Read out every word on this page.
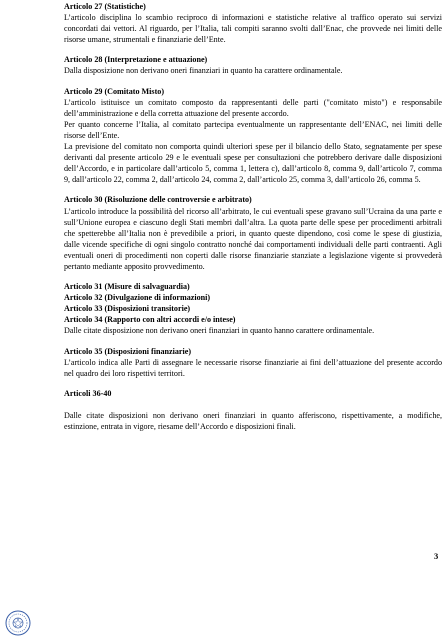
Articolo 27 (Statistiche)

L’articolo disciplina lo scambio reciproco di informazioni e statistiche relative al traffico operato sui servizi concordati dai vettori. Al riguardo, per l’Italia, tali compiti saranno svolti dall’Enac, che provvede nei limiti delle risorse umane, strumentali e finanziarie dell’Ente.

Articolo 28 (Interpretazione e attuazione)

Dalla disposizione non derivano oneri finanziari in quanto ha carattere ordinamentale.

Articolo 29 (Comitato Misto)

L’articolo istituisce un comitato composto da rappresentanti delle parti ("comitato misto") e responsabile dell’amministrazione e della corretta attuazione del presente accordo.

Per quanto concerne l’Italia, al comitato partecipa eventualmente un rappresentante dell’ENAC, nei limiti delle risorse dell’Ente.

La previsione del comitato non comporta quindi ulteriori spese per il bilancio dello Stato, segnatamente per spese derivanti dal presente articolo 29 e le eventuali spese per consultazioni che potrebbero derivare dalle disposizioni dell’Accordo, e in particolare dall’articolo 5, comma 1, lettera c), dall’articolo 8, comma 9, dall’articolo 7, comma 9, dall’articolo 22, comma 2, dall’articolo 24, comma 2, dall’articolo 25, comma 3, dall’articolo 26, comma 5.

Articolo 30 (Risoluzione delle controversie e arbitrato)

L’articolo introduce la possibilità del ricorso all’arbitrato, le cui eventuali spese gravano sull’Ucraina da una parte e sull’Unione europea e ciascuno degli Stati membri dall’altra. La quota parte delle spese per procedimenti arbitrali che spetterebbe all’Italia non è prevedibile a priori, in quanto queste dipendono, così come le spese di giustizia, dalle vicende specifiche di ogni singolo contratto nonché dai comportamenti individuali delle parti contraenti. Agli eventuali oneri di procedimenti non coperti dalle risorse finanziarie stanziate a legislazione vigente si provvederà pertanto mediante apposito provvedimento.

Articolo 31 (Misure di salvaguardia)

Articolo 32 (Divulgazione di informazioni)

Articolo 33 (Disposizioni transitorie)

Articolo 34 (Rapporto con altri accordi e/o intese)

Dalle citate disposizione non derivano oneri finanziari in quanto hanno carattere ordinamentale.

Articolo 35 (Disposizioni finanziarie)

L’articolo indica alle Parti di assegnare le necessarie risorse finanziarie ai fini dell’attuazione del presente accordo nel quadro dei loro rispettivi territori.

Articoli 36-40

Dalle citate disposizioni non derivano oneri finanziari in quanto afferiscono, rispettivamente, a modifiche, estinzione, entrata in vigore, riesame dell’Accordo e disposizioni finali.

3
